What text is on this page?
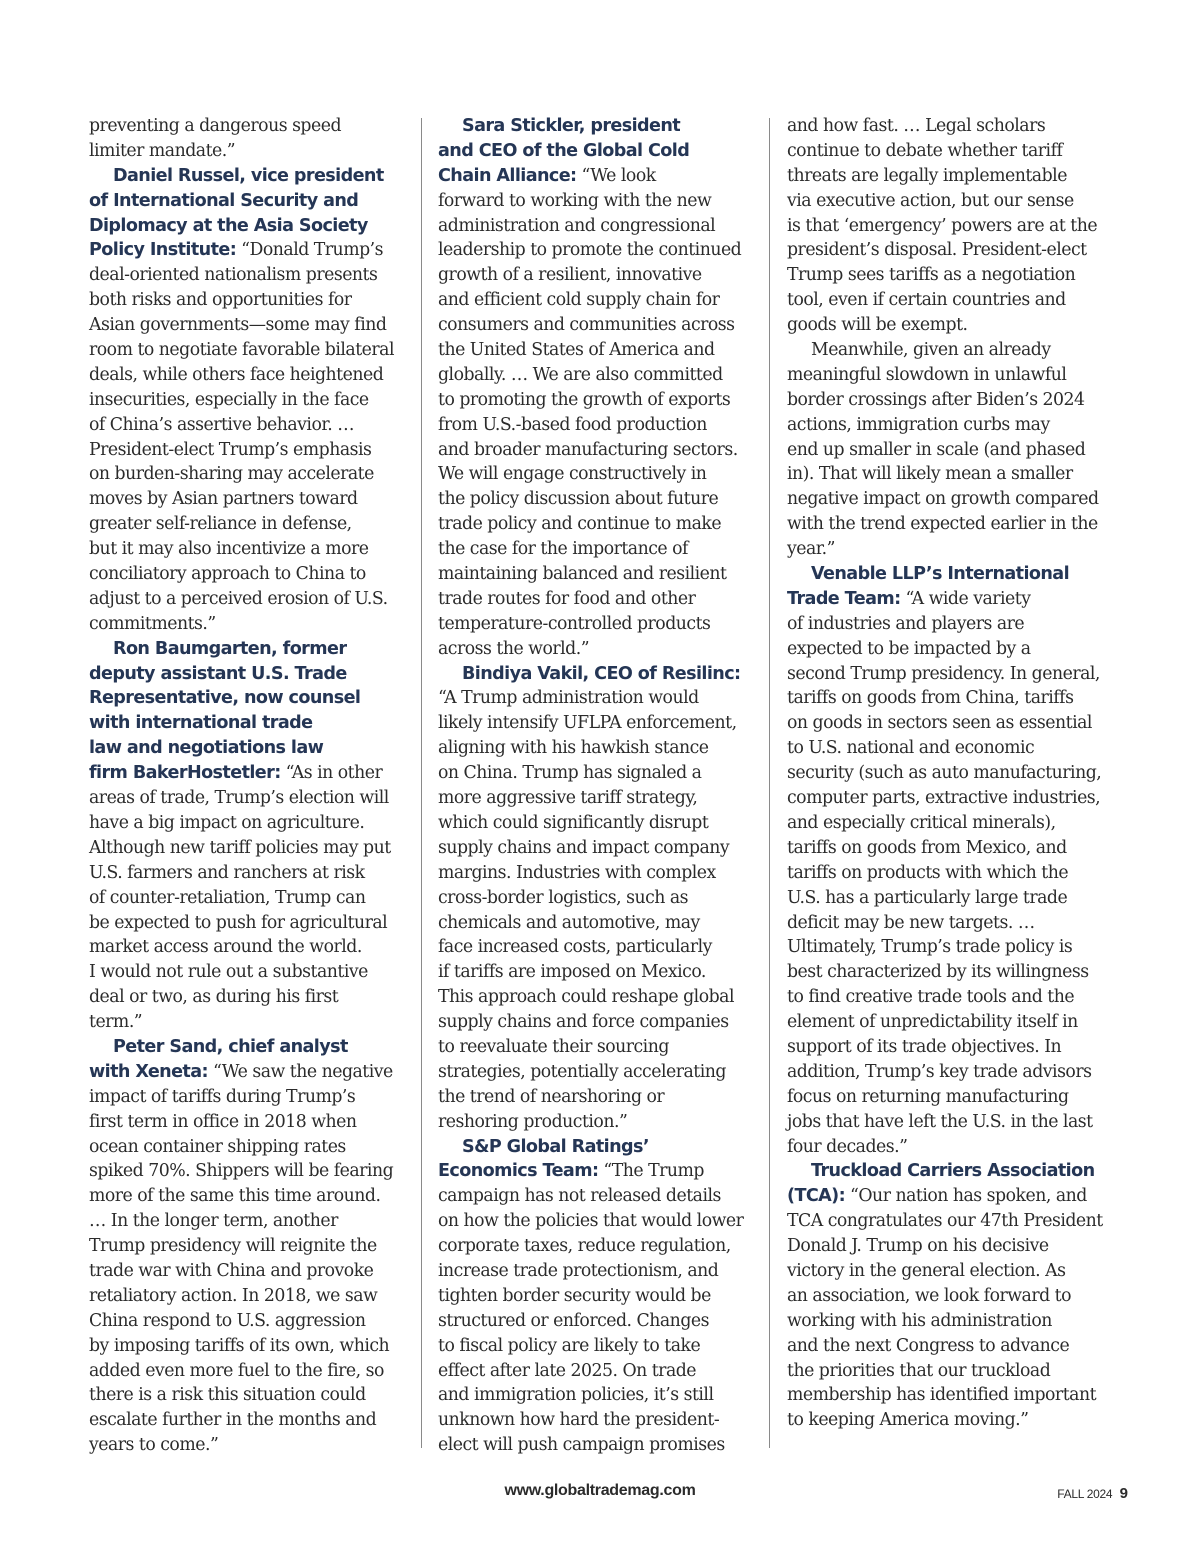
preventing a dangerous speed
limiter mandate.”
Daniel Russel, vice president
of International Security and
Diplomacy at the Asia Society
Policy Institute: “Donald Trump’s
deal-oriented nationalism presents
both risks and opportunities for
Asian governments—some may find
room to negotiate favorable bilateral
deals, while others face heightened
insecurities, especially in the face
of China’s assertive behavior. …
President-elect Trump’s emphasis
on burden-sharing may accelerate
moves by Asian partners toward
greater self-reliance in defense,
but it may also incentivize a more
conciliatory approach to China to
adjust to a perceived erosion of U.S.
commitments.”
Ron Baumgarten, former
deputy assistant U.S. Trade
Representative, now counsel
with international trade
law and negotiations law
firm BakerHostetler: “As in other
areas of trade, Trump’s election will
have a big impact on agriculture.
Although new tariff policies may put
U.S. farmers and ranchers at risk
of counter-retaliation, Trump can
be expected to push for agricultural
market access around the world.
I would not rule out a substantive
deal or two, as during his first
term.”
Peter Sand, chief analyst
with Xeneta: “We saw the negative
impact of tariffs during Trump’s
first term in office in 2018 when
ocean container shipping rates
spiked 70%. Shippers will be fearing
more of the same this time around.
… In the longer term, another
Trump presidency will reignite the
trade war with China and provoke
retaliatory action. In 2018, we saw
China respond to U.S. aggression
by imposing tariffs of its own, which
added even more fuel to the fire, so
there is a risk this situation could
escalate further in the months and
years to come.”
Sara Stickler, president
and CEO of the Global Cold
Chain Alliance: “We look
forward to working with the new
administration and congressional
leadership to promote the continued
growth of a resilient, innovative
and efficient cold supply chain for
consumers and communities across
the United States of America and
globally. … We are also committed
to promoting the growth of exports
from U.S.-based food production
and broader manufacturing sectors.
We will engage constructively in
the policy discussion about future
trade policy and continue to make
the case for the importance of
maintaining balanced and resilient
trade routes for food and other
temperature-controlled products
across the world.”
Bindiya Vakil, CEO of Resilinc:
“A Trump administration would
likely intensify UFLPA enforcement,
aligning with his hawkish stance
on China. Trump has signaled a
more aggressive tariff strategy,
which could significantly disrupt
supply chains and impact company
margins. Industries with complex
cross-border logistics, such as
chemicals and automotive, may
face increased costs, particularly
if tariffs are imposed on Mexico.
This approach could reshape global
supply chains and force companies
to reevaluate their sourcing
strategies, potentially accelerating
the trend of nearshoring or
reshoring production.”
S&P Global Ratings’
Economics Team: “The Trump
campaign has not released details
on how the policies that would lower
corporate taxes, reduce regulation,
increase trade protectionism, and
tighten border security would be
structured or enforced. Changes
to fiscal policy are likely to take
effect after late 2025. On trade
and immigration policies, it’s still
unknown how hard the president-
elect will push campaign promises
and how fast. … Legal scholars
continue to debate whether tariff
threats are legally implementable
via executive action, but our sense
is that ‘emergency’ powers are at the
president’s disposal. President-elect
Trump sees tariffs as a negotiation
tool, even if certain countries and
goods will be exempt.
Meanwhile, given an already
meaningful slowdown in unlawful
border crossings after Biden’s 2024
actions, immigration curbs may
end up smaller in scale (and phased
in). That will likely mean a smaller
negative impact on growth compared
with the trend expected earlier in the
year.”
Venable LLP’s International
Trade Team: “A wide variety
of industries and players are
expected to be impacted by a
second Trump presidency. In general,
tariffs on goods from China, tariffs
on goods in sectors seen as essential
to U.S. national and economic
security (such as auto manufacturing,
computer parts, extractive industries,
and especially critical minerals),
tariffs on goods from Mexico, and
tariffs on products with which the
U.S. has a particularly large trade
deficit may be new targets. …
Ultimately, Trump’s trade policy is
best characterized by its willingness
to find creative trade tools and the
element of unpredictability itself in
support of its trade objectives. In
addition, Trump’s key trade advisors
focus on returning manufacturing
jobs that have left the U.S. in the last
four decades.”
Truckload Carriers Association
(TCA): “Our nation has spoken, and
TCA congratulates our 47th President
Donald J. Trump on his decisive
victory in the general election. As
an association, we look forward to
working with his administration
and the next Congress to advance
the priorities that our truckload
membership has identified important
to keeping America moving.”
www.globaltrademag.com	FALL 2024 9
